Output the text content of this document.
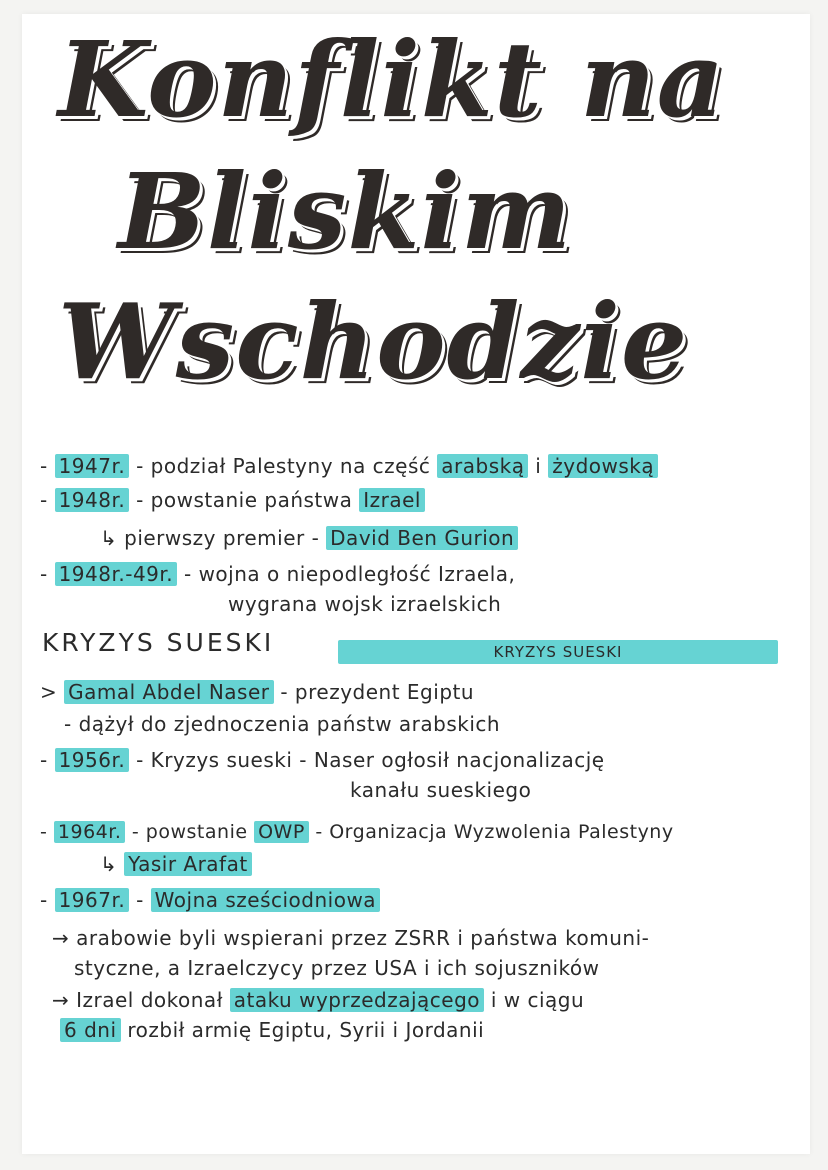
Konflikt na
Bliskim
Wschodzie
- 1947r. - podział Palestyny na część arabską i żydowską
- 1948r. - powstanie państwa Izrael
↳ pierwszy premier - David Ben Gurion
- 1948r.-49r. - wojna o niepodległość Izraela,
wygrana wojsk izraelskich
KRYZYS SUESKI	KRYZYS SUESKI
> Gamal Abdel Naser - prezydent Egiptu
- dążył do zjednoczenia państw arabskich
- 1956r. - Kryzys sueski - Naser ogłosił nacjonalizację
kanału sueskiego
- 1964r. - powstanie OWP - Organizacja Wyzwolenia Palestyny
↳ Yasir Arafat
- 1967r. - Wojna sześciodniowa
→ arabowie byli wspierani przez ZSRR i państwa komuni-
styczne, a Izraelczycy przez USA i ich sojuszników
→ Izrael dokonał ataku wyprzedzającego i w ciągu
6 dni rozbił armię Egiptu, Syrii i Jordanii
